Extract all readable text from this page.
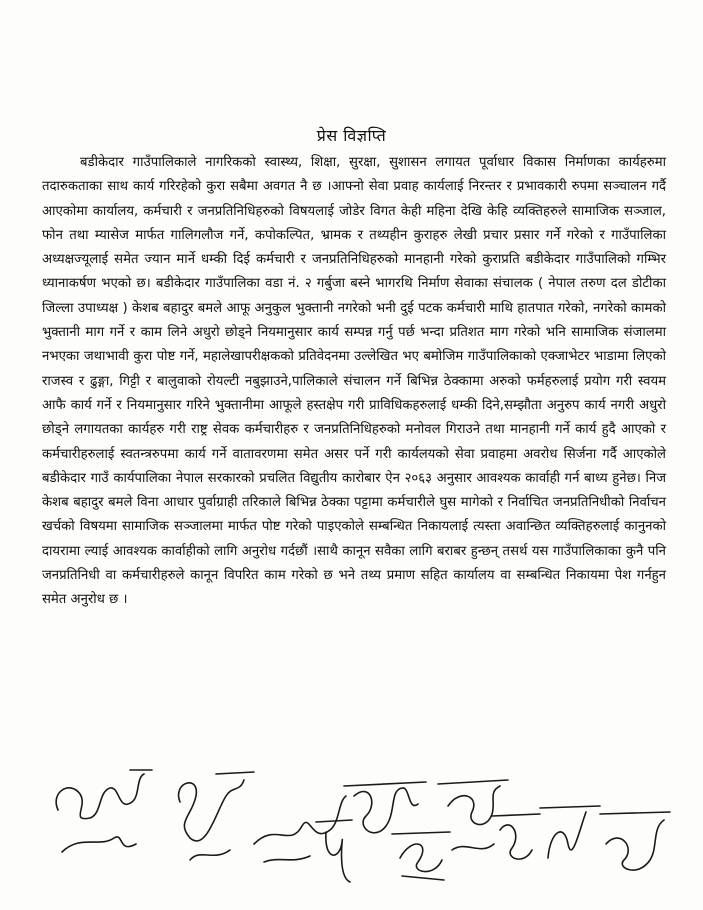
प्रेस विज्ञप्ति
बडीकेदार गाउँपालिकाले नागरिकको स्वास्थ्य, शिक्षा, सुरक्षा, सुशासन लगायत पूर्वाधार विकास निर्माणका कार्यहरुमा तदारुकताका साथ कार्य गरिरहेको कुरा सबैमा अवगत नै छ ।आफ्नो सेवा प्रवाह कार्यलाई निरन्तर र प्रभावकारी रुपमा सञ्चालन गर्दै आएकोमा कार्यालय, कर्मचारी र जनप्रतिनिधिहरुको विषयलाई जोडेर विगत केही महिना देखि केहि व्यक्तिहरुले सामाजिक सञ्जाल, फोन तथा म्यासेज मार्फत गालिगलौज गर्ने, कपोकल्पित, भ्रामक र तथ्यहीन कुराहरु लेखी प्रचार प्रसार गर्ने गरेको र गाउँपालिका अध्यक्षज्यूलाई समेत ज्यान मार्ने धम्की दिई कर्मचारी र जनप्रतिनिधिहरुको मानहानी गरेको कुराप्रति बडीकेदार गाउँपालिको गम्भिर ध्यानाकर्षण भएको छ। बडीकेदार गाउँपालिका वडा नं. २ गर्बुजा बस्ने भागरथि निर्माण सेवाका संचालक ( नेपाल तरुण दल डोटीका जिल्ला उपाध्यक्ष ) केशब बहादुर बमले आफू अनुकुल भुक्तानी नगरेको भनी दुई पटक कर्मचारी माथि हातपात गरेको, नगरेको कामको भुक्तानी माग गर्ने र काम लिने अधुरो छोड्ने नियमानुसार कार्य सम्पन्न गर्नु पर्छ भन्दा प्रतिशत माग गरेको भनि सामाजिक संजालमा नभएका जथाभावी कुरा पोष्ट गर्ने, महालेखापरीक्षकको प्रतिवेदनमा उल्लेखित भए बमोजिम गाउँपालिकाको एक्जाभेटर भाडामा लिएको राजस्व र ढुङ्गा, गिट्टी र बालुवाको रोयल्टी नबुझाउने,पालिकाले संचालन गर्ने बिभिन्न ठेक्कामा अरुको फर्महरुलाई प्रयोग गरी स्वयम आफै कार्य गर्ने र नियमानुसार गरिने भुक्तानीमा आफूले हस्तक्षेप गरी प्राविधिकहरुलाई धम्की दिने,सम्झौता अनुरुप कार्य नगरी अधुरो छोड्ने लगायतका कार्यहरु गरी राष्ट्र सेवक कर्मचारीहरु र जनप्रतिनिधिहरुको मनोवल गिराउने तथा मानहानी गर्ने कार्य हुदै आएको र कर्मचारीहरुलाई स्वतन्त्ररुपमा कार्य गर्ने वातावरणमा समेत असर पर्ने गरी कार्यलयको सेवा प्रवाहमा अवरोध सिर्जना गर्दै आएकोले बडीकेदार गाउँ कार्यपालिका नेपाल सरकारको प्रचलित विद्युतीय कारोबार ऐन २०६३ अनुसार आवश्यक कार्वाही गर्न बाध्य हुनेछ। निज केशब बहादुर बमले विना आधार पुर्वाग्राही तरिकाले बिभिन्न ठेक्का पट्टामा कर्मचारीले घुस मागेको र निर्वाचित जनप्रतिनिधीको निर्वाचन खर्चको विषयमा सामाजिक सञ्जालमा मार्फत पोष्ट गरेको पाइएकोले सम्बन्धित निकायलाई त्यस्ता अवान्छित व्यक्तिहरुलाई कानुनको दायरामा ल्याई आवश्यक कार्वाहीको लागि अनुरोध गर्दछौं ।साथै कानून सवैका लागि बराबर हुन्छन् तसर्थ यस गाउँपालिकाका कुनै पनि जनप्रतिनिधी वा कर्मचारीहरुले कानून विपरित काम गरेको छ भने तथ्य प्रमाण सहित कार्यालय वा सम्बन्धित निकायमा पेश गर्नहुन समेत अनुरोध छ ।
